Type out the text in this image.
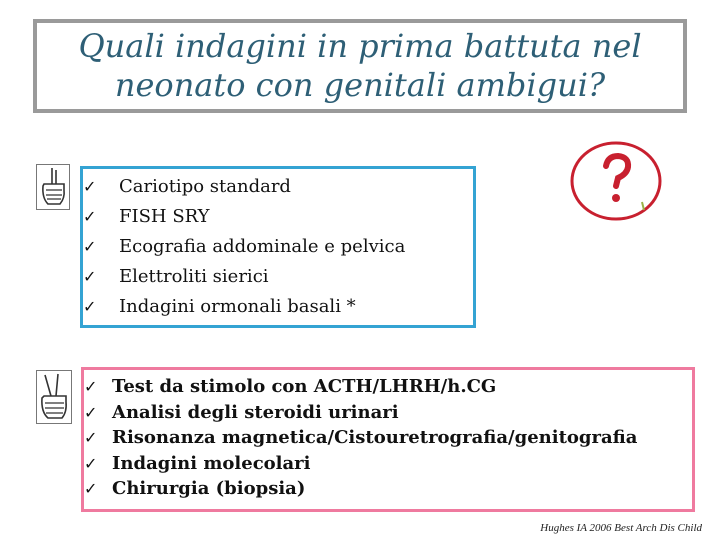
Quali indagini in prima battuta nel neonato con genitali ambigui?

✓	Cariotipo standard
✓	FISH SRY
✓	Ecografia addominale e pelvica
✓	Elettroliti sierici
✓	Indagini ormonali basali *
✓ Test da stimolo con ACTH/LHRH/h.CG
✓ Analisi degli steroidi urinari
✓ Risonanza magnetica/Cistouretrografia/genitografia
✓ Indagini molecolari
✓ Chirurgia (biopsia)
Hughes IA 2006 Best Arch Dis Child
